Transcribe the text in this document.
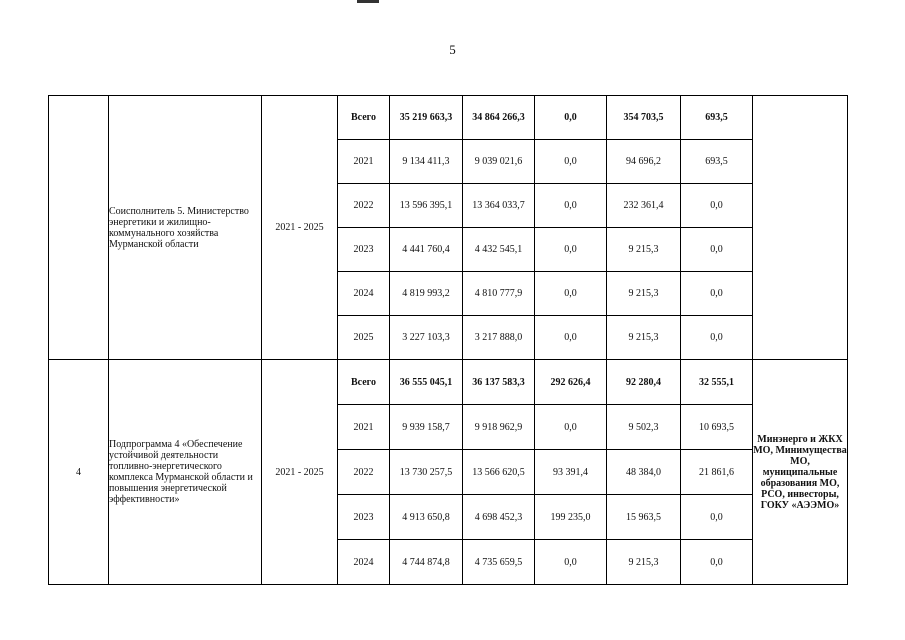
5
	Соисполнитель 5. Министерство энергетики и жилищно-коммунального хозяйства Мурманской области	2021 - 2025	Всего	35 219 663,3	34 864 266,3	0,0	354 703,5	693,5	
			2021	9 134 411,3	9 039 021,6	0,0	94 696,2	693,5	
			2022	13 596 395,1	13 364 033,7	0,0	232 361,4	0,0	
			2023	4 441 760,4	4 432 545,1	0,0	9 215,3	0,0	
			2024	4 819 993,2	4 810 777,9	0,0	9 215,3	0,0	
			2025	3 227 103,3	3 217 888,0	0,0	9 215,3	0,0	
4	Подпрограмма 4 «Обеспечение устойчивой деятельности топливно-энергетического комплекса Мурманской области и повышения энергетической эффективности»	2021 - 2025	Всего	36 555 045,1	36 137 583,3	292 626,4	92 280,4	32 555,1	Минэнерго и ЖКХ МО, Минимущества МО, муниципальные образования МО, РСО, инвесторы, ГОКУ «АЭЭМО»
			2021	9 939 158,7	9 918 962,9	0,0	9 502,3	10 693,5	
			2022	13 730 257,5	13 566 620,5	93 391,4	48 384,0	21 861,6	
			2023	4 913 650,8	4 698 452,3	199 235,0	15 963,5	0,0	
			2024	4 744 874,8	4 735 659,5	0,0	9 215,3	0,0	
